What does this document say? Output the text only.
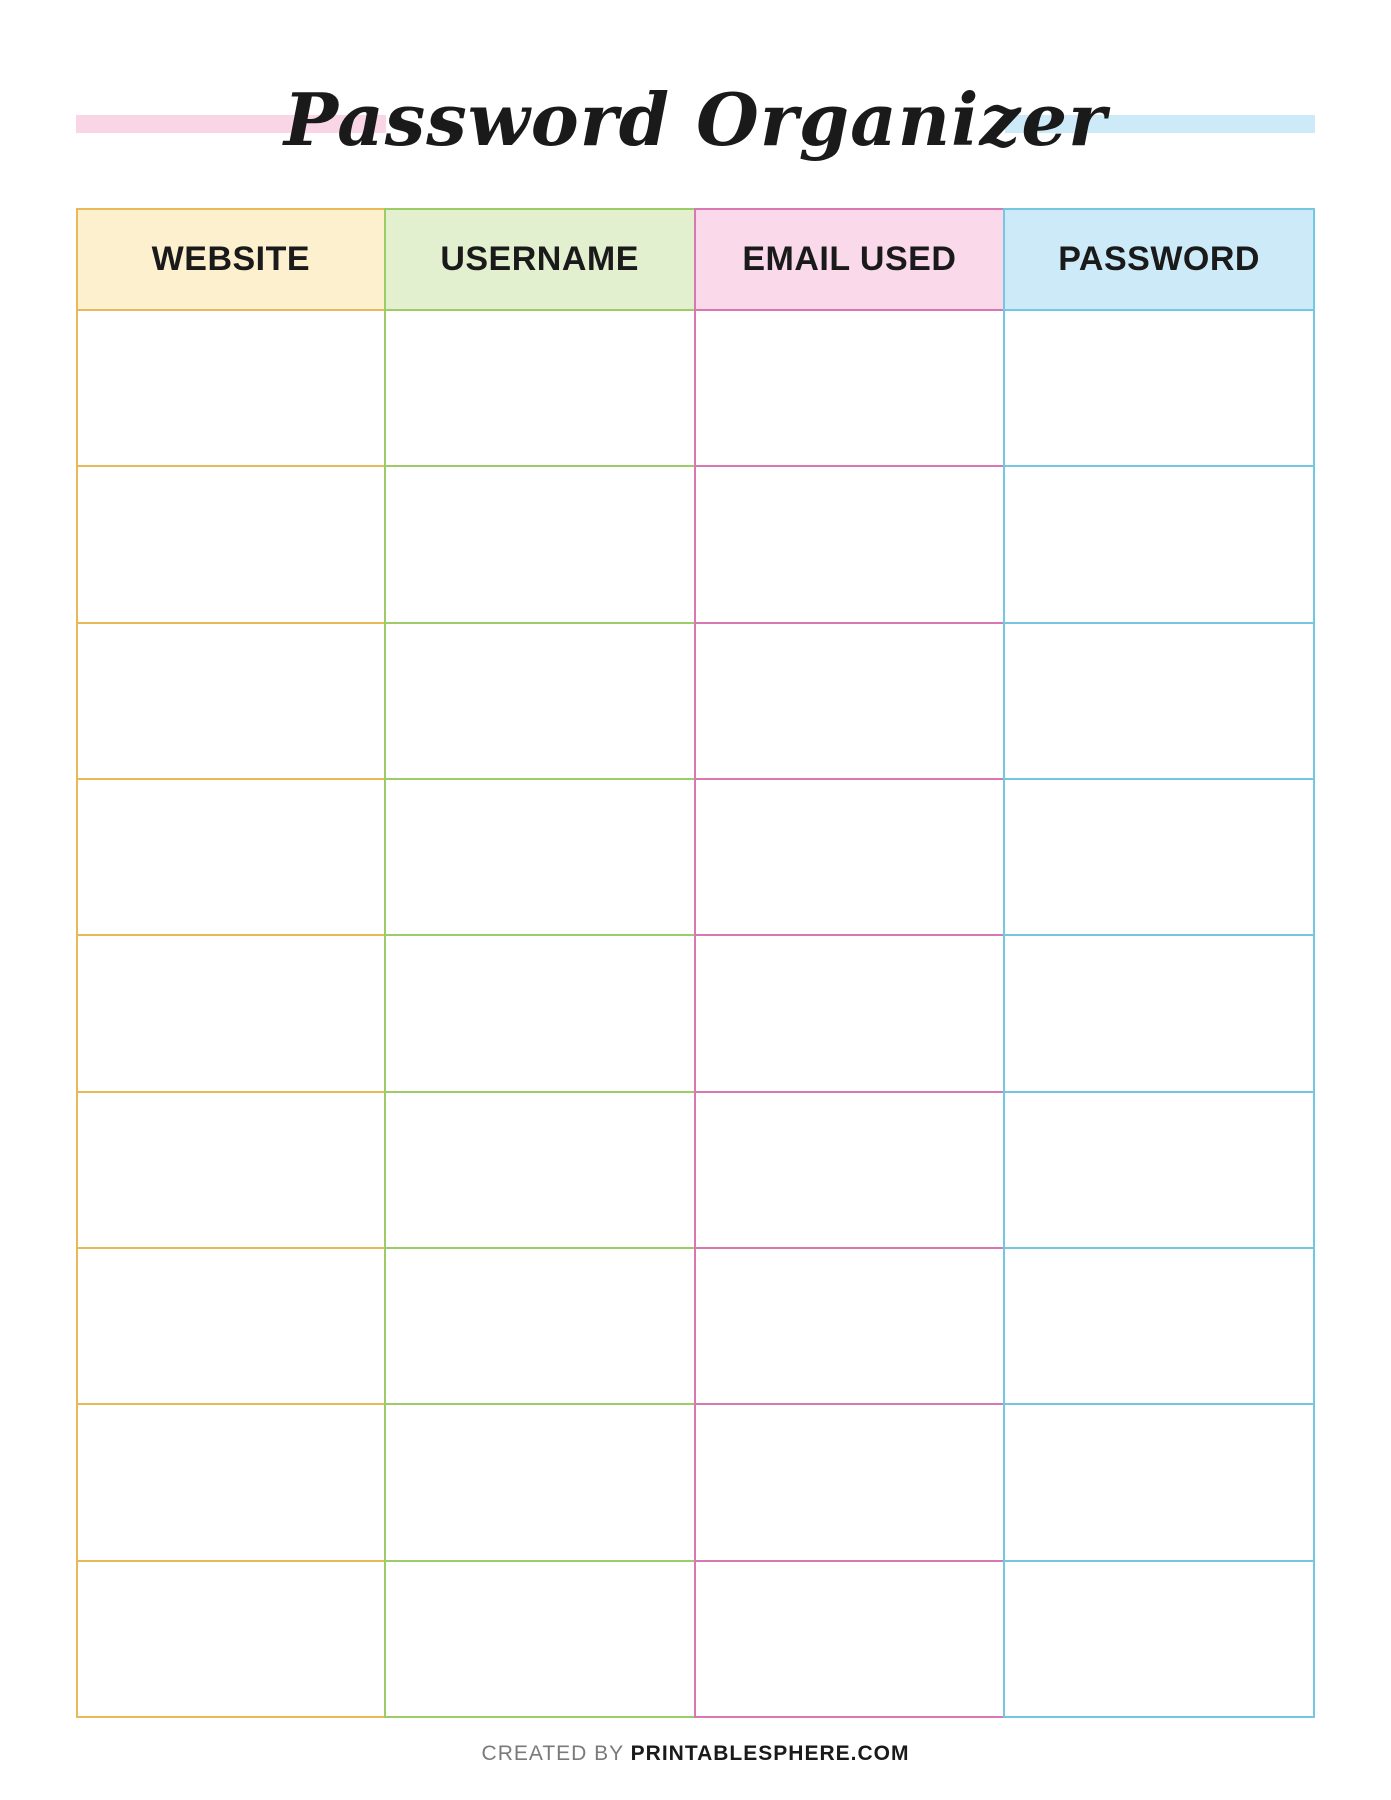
Password Organizer
WEBSITE	USERNAME	EMAIL USED	PASSWORD
CREATED BY PRINTABLESPHERE.COM
